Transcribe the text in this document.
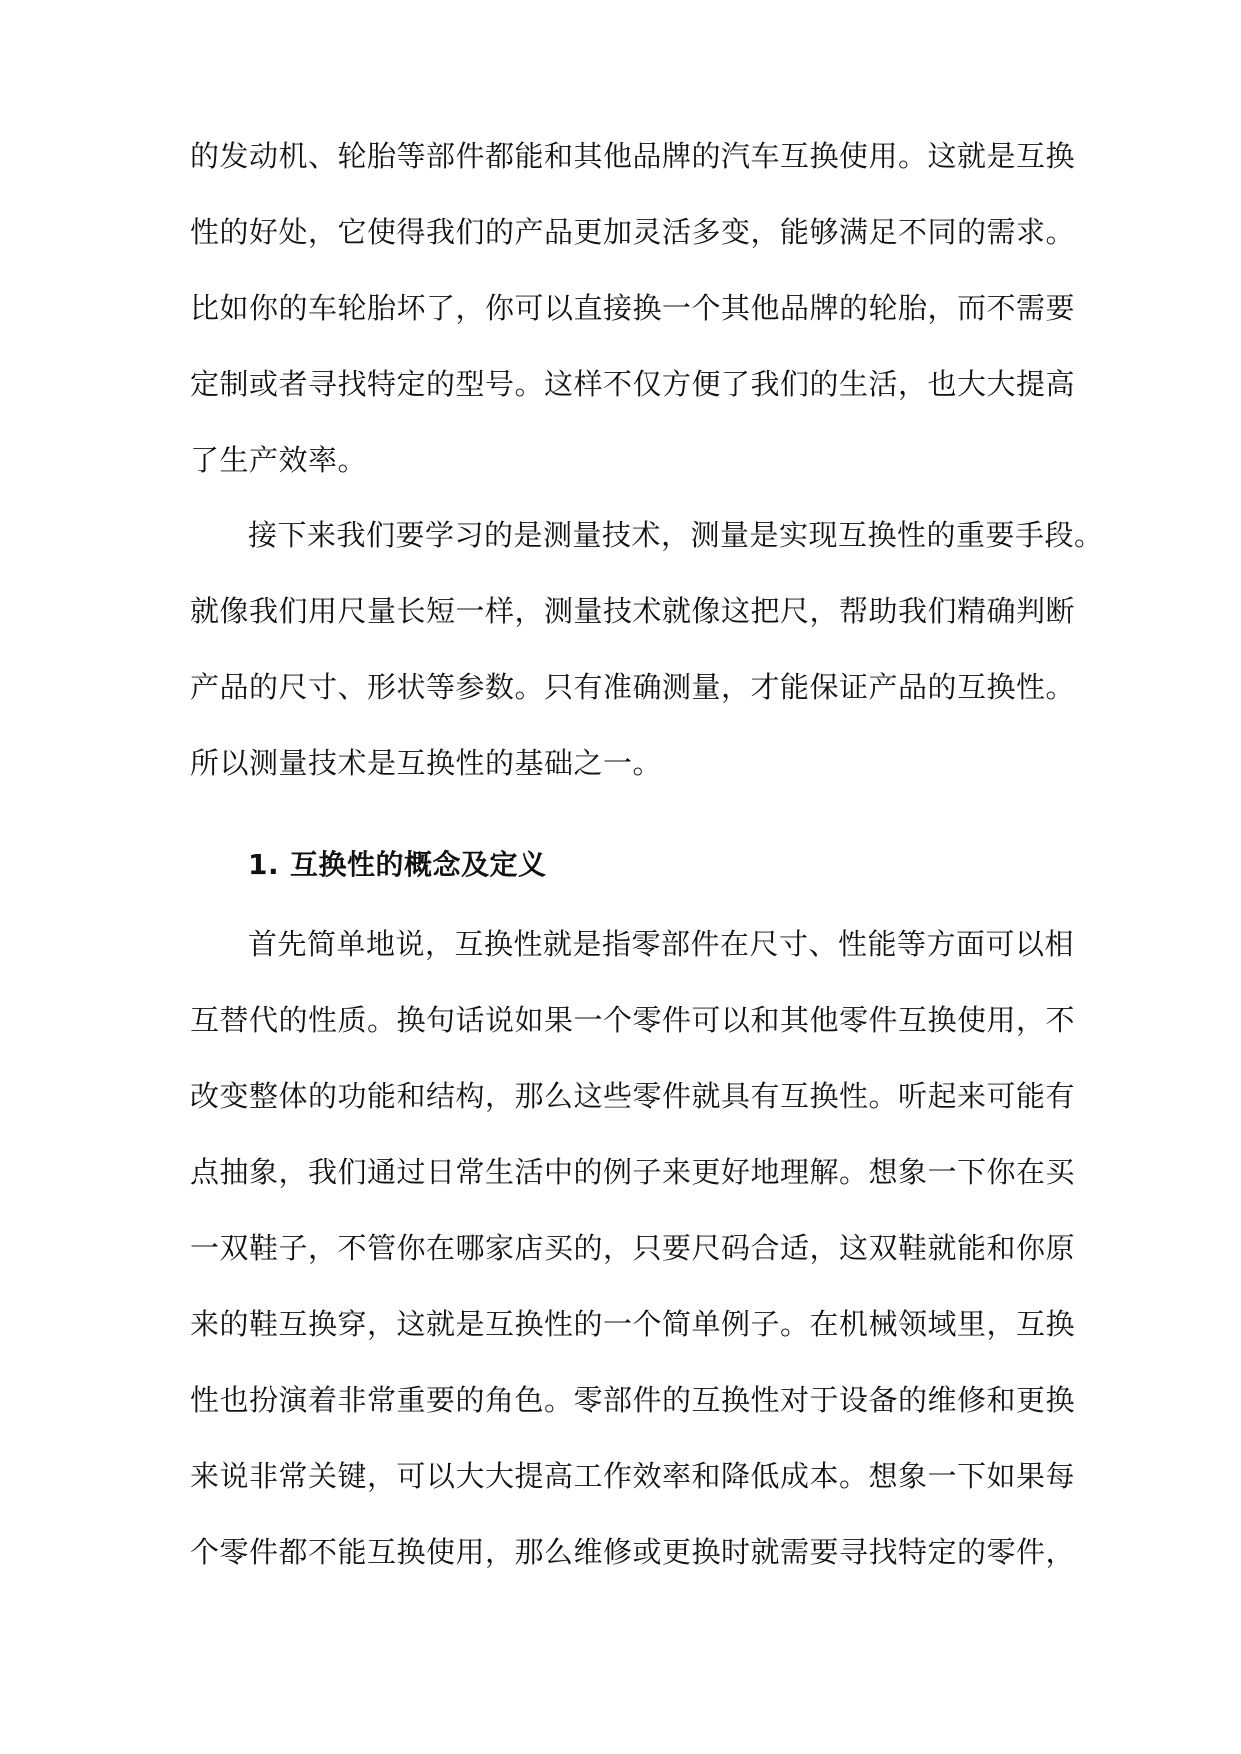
的发动机、轮胎等部件都能和其他品牌的汽车互换使用。这就是互换
性的好处，它使得我们的产品更加灵活多变，能够满足不同的需求。
比如你的车轮胎坏了，你可以直接换一个其他品牌的轮胎，而不需要
定制或者寻找特定的型号。这样不仅方便了我们的生活，也大大提高
了生产效率。
接下来我们要学习的是测量技术，测量是实现互换性的重要手段。
就像我们用尺量长短一样，测量技术就像这把尺，帮助我们精确判断
产品的尺寸、形状等参数。只有准确测量，才能保证产品的互换性。
所以测量技术是互换性的基础之一。
1. 互换性的概念及定义
首先简单地说，互换性就是指零部件在尺寸、性能等方面可以相
互替代的性质。换句话说如果一个零件可以和其他零件互换使用，不
改变整体的功能和结构，那么这些零件就具有互换性。听起来可能有
点抽象，我们通过日常生活中的例子来更好地理解。想象一下你在买
一双鞋子，不管你在哪家店买的，只要尺码合适，这双鞋就能和你原
来的鞋互换穿，这就是互换性的一个简单例子。在机械领域里，互换
性也扮演着非常重要的角色。零部件的互换性对于设备的维修和更换
来说非常关键，可以大大提高工作效率和降低成本。想象一下如果每
个零件都不能互换使用，那么维修或更换时就需要寻找特定的零件，
